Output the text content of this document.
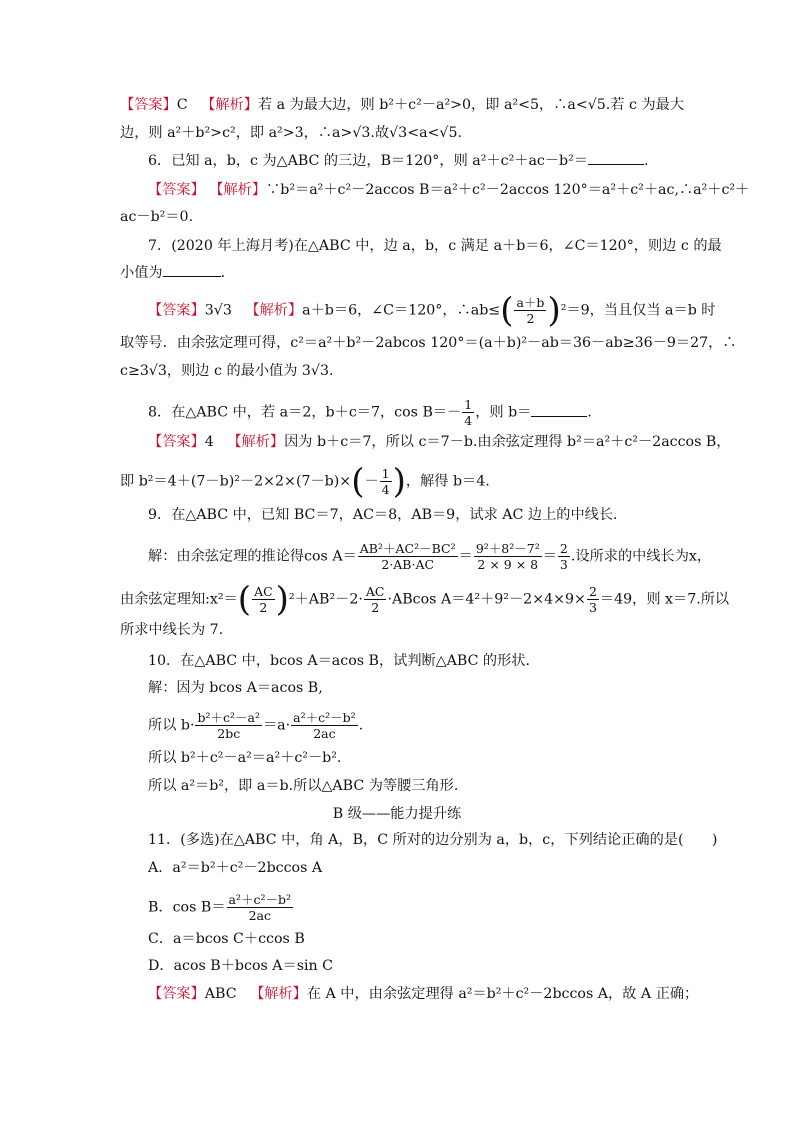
【答案】C 【解析】若 a 为最大边，则 b²＋c²－a²>0，即 a²<5，∴a<√5.若 c 为最大
边，则 a²＋b²>c²，即 a²>3，∴a>√3.故√3<a<√5.
6．已知 a，b，c 为△ABC 的三边，B＝120°，则 a²＋c²＋ac－b²＝	.
【答案】 【解析】∵b²＝a²＋c²－2accos B＝a²＋c²－2accos 120°＝a²＋c²＋ac,∴a²＋c²＋
ac－b²＝0.
7．(2020 年上海月考)在△ABC 中，边 a，b，c 满足 a＋b＝6，∠C＝120°，则边 c 的最
小值为	.
【答案】3√3 【解析】a＋b＝6，∠C＝120°，∴ab≤( $\frac{a+b}{2} )^2=9$，当且仅当 a＝b 时
取等号．由余弦定理可得，c²＝a²＋b²－2abcos 120°＝(a＋b)²－ab＝36－ab≥36－9＝27，∴
c≥3√3，则边 c 的最小值为 3√3.
8．在△ABC 中，若 a＝2，b＋c＝7，$\cos B=- \frac{1}{4}$ ，则 b＝	.
【答案】4 【解析】因为 b＋c＝7，所以 c＝7－b.由余弦定理得 b²＝a²＋c²－2accos B，
即 $b^2=4+(7-b)^2-2\times 2\times(7-b)\times(- \frac{1}{4}$ )，解得 b＝4.
9．在△ABC 中，已知 BC＝7，AC＝8，AB＝9，试求 AC 边上的中线长．
解：由余弦定理的推论得$\cos A= \frac{\text{AB²＋AC²－BC²}}{2\cdot AB\cdot AC} = \frac{\text{9²＋8²－7²}}{2 \times 9 \times 8} = \frac{2}{3}$ .设所求的中线长为x，
由余弦定理知:x²＝( $\frac{AC}{2} )^2+AB^2-2\cdot \frac{AC}{2} \cdot ABcos$ $A=4^2+9^2-2\times 4\times 9\times \frac{2}{3} =49$，则 x＝7.所以
所求中线长为 7.
10．在△ABC 中，bcos A＝acos B，试判断△ABC 的形状．
解：因为 bcos A＝acos B,
所以 $b\cdot \frac{\text{b²＋c²－a²}}{2bc} =a\cdot \frac{\text{a²＋c²－b²}}{2ac}$ .
所以 b²＋c²－a²＝a²＋c²－b².
所以 a²＝b²，即 a＝b.所以△ABC 为等腰三角形.
B 级——能力提升练
11．(多选)在△ABC 中，角 A，B，C 所对的边分别为 a，b，c，下列结论正确的是(　　)
A．a²＝b²＋c²－2bccos A
B．$\cos B= \frac{\text{a²＋c²－b²}}{2ac}$
C．a＝bcos C＋ccos B
D．acos B＋bcos A＝sin C
【答案】ABC 【解析】在 A 中，由余弦定理得 a²＝b²＋c²－2bccos A，故 A 正确；
